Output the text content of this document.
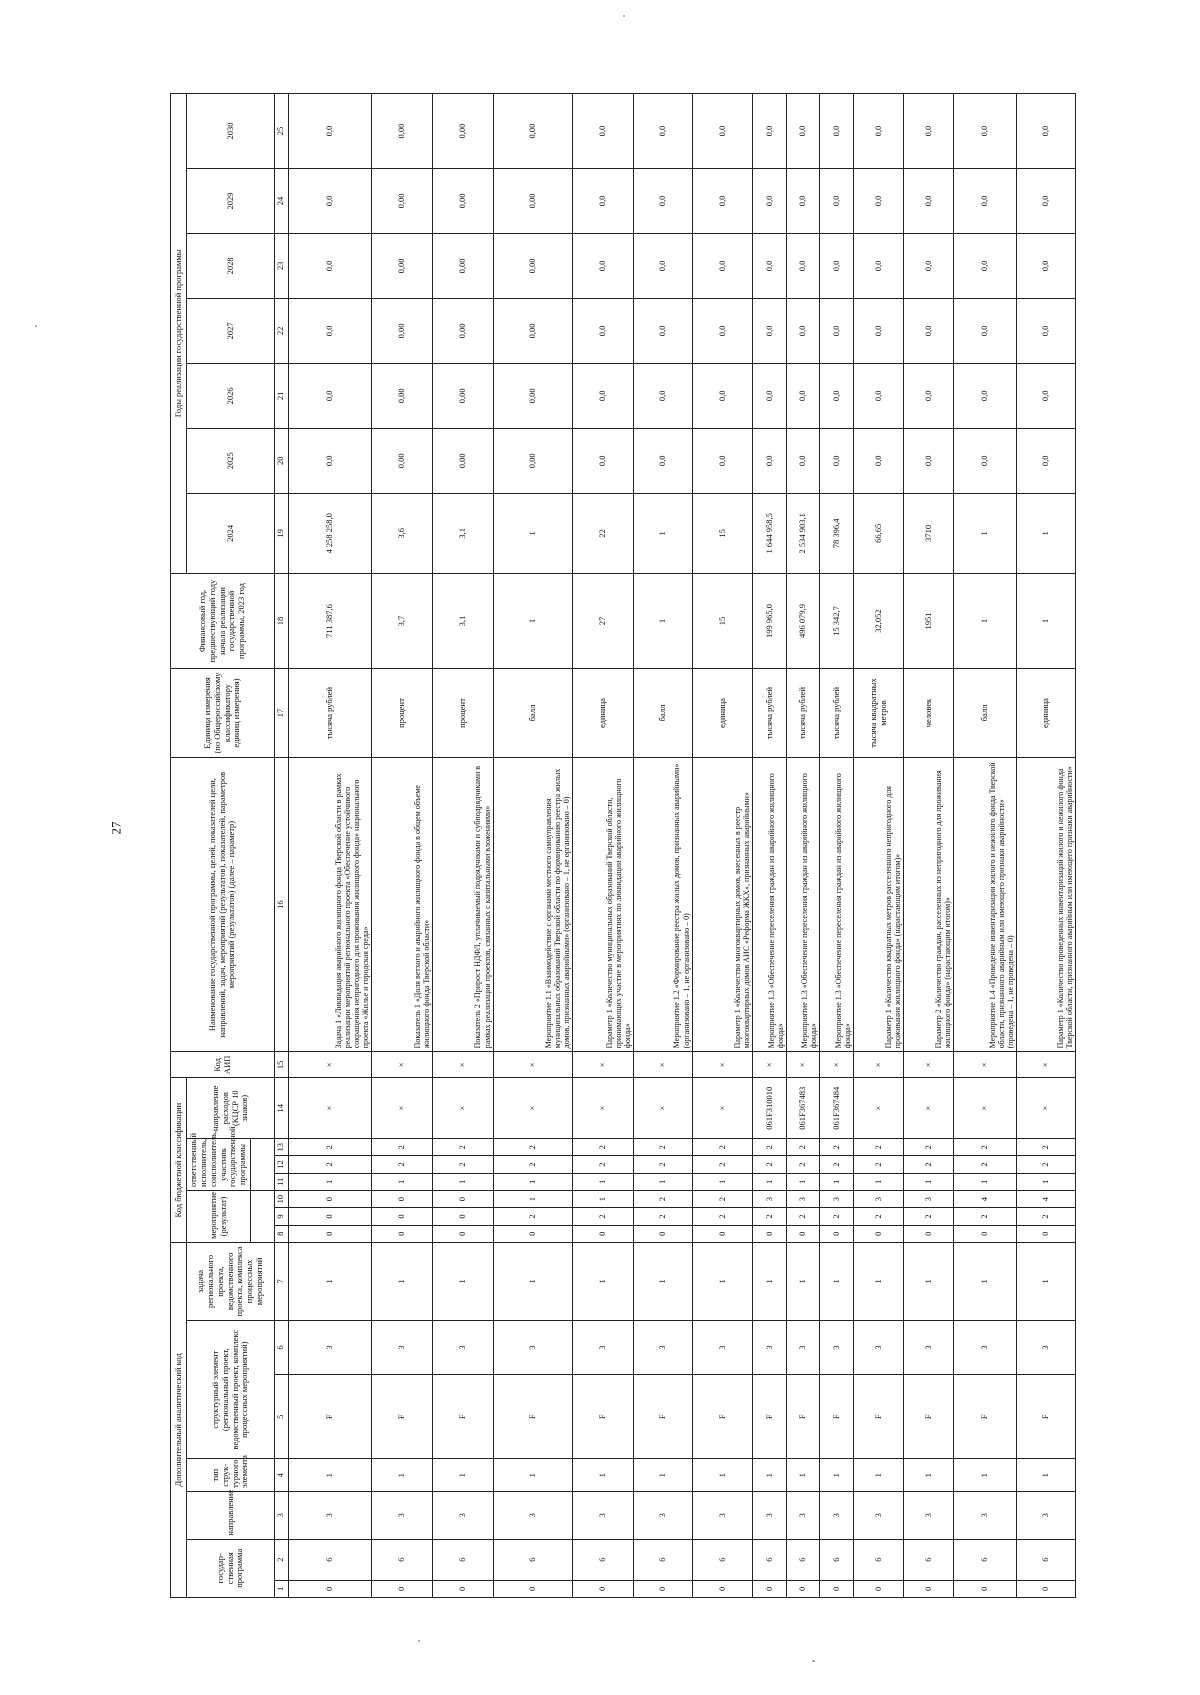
27
Дополнительный аналитический код							Код бюджетной классификации							Код АИП	Наименование государственной программы, целей, показателей цели, направлений, задач, мероприятий (результатов), показателей, параметров мероприятий (результатов) (далее – параметр)	Единица измерения (по Общероссийскому классификатору единиц измерения)	Финансовый год, предшествующий году начала реализации государственной программы, 2023 год	Годы реализации государственной программы						
государ-ственная программа		направление	тип струк-турного элемента	структурный элемент (региональный проект, ведомственный проект, комплекс процессных мероприятий)		задача регионального проекта, ведомственного проекта, комплекса процессных мероприятий	мероприятие (результат)			ответственный исполнитель, соисполнитель, участник государственной программы			направление расходов (КЦСР 10 знаков)					2024	2025	2026	2027	2028	2029	2030

1	2	3	4	5	6	7	8	9	10	11	12	13	14	15	16	17	18	19	20	21	22	23	24	25
0	6	3	1	F	3	1	0	0	0	1	2	2	×	×	Задача 1 «Ликвидация аварийного жилищного фонда Тверской области в рамках реализации мероприятий регионального проекта «Обеспечение устойчивого сокращения непригодного для проживания жилищного фонда» национального проекта «Жилье и городская среда»	тысяча рублей	711 387,6	4 258 258,0	0,0	0,0	0,0	0,0	0,0	0,0
0	6	3	1	F	3	1	0	0	0	1	2	2	×	×	Показатель 1 «Доля ветхого и аварийного жилищного фонда в общем объеме жилищного фонда Тверской области»	процент	3,7	3,6	0,00	0,00	0,00	0,00	0,00	0,00
0	6	3	1	F	3	1	0	0	0	1	2	2	×	×	Показатель 2 «Прирост НДФЛ, уплачиваемый подрядчиками и субподрядчиками в рамках реализации проектов, связанных с капитальными вложениями»	процент	3,1	3,1	0,00	0,00	0,00	0,00	0,00	0,00
0	6	3	1	F	3	1	0	2	1	1	2	2	×	×	Мероприятие 1.1 «Взаимодействие с органами местного самоуправления муниципальных образований Тверской области по формированию реестра жилых домов, признанных аварийными» (организовано – 1, не организовано – 0)	балл	1	1	0,00	0,00	0,00	0,00	0,00	0,00
0	6	3	1	F	3	1	0	2	1	1	2	2	×	×	Параметр 1 «Количество муниципальных образований Тверской области, принимающих участие в мероприятиях по ликвидации аварийного жилищного фонда»	единица	27	22	0,0	0,0	0,0	0,0	0,0	0,0
0	6	3	1	F	3	1	0	2	2	1	2	2	×	×	Мероприятие 1.2 «Формирование реестра жилых домов, признанных аварийными» (организовано – 1, не организовано – 0)	балл	1	1	0,0	0,0	0,0	0,0	0,0	0,0
0	6	3	1	F	3	1	0	2	2	1	2	2	×	×	Параметр 1 «Количество многоквартирных домов, внесенных в реестр многоквартирных домов АИС «Реформа ЖКХ», признанных аварийными»	единица	15	15	0,0	0,0	0,0	0,0	0,0	0,0
0	6	3	1	F	3	1	0	2	3	1	2	2	061F310010	×	Мероприятие 1.3 «Обеспечение переселения граждан из аварийного жилищного фонда»	тысяча рублей	199 965,0	1 644 958,5	0,0	0,0	0,0	0,0	0,0	0,0
0	6	3	1	F	3	1	0	2	3	1	2	2	061F367483	×	Мероприятие 1.3 «Обеспечение переселения граждан из аварийного жилищного фонда»	тысяча рублей	496 079,9	2 534 903,1	0,0	0,0	0,0	0,0	0,0	0,0
0	6	3	1	F	3	1	0	2	3	1	2	2	061F367484	×	Мероприятие 1.3 «Обеспечение переселения граждан из аварийного жилищного фонда»	тысяча рублей	15 342,7	78 396,4	0,0	0,0	0,0	0,0	0,0	0,0
0	6	3	1	F	3	1	0	2	3	1	2	2	×	×	Параметр 1 «Количество квадратных метров расселенного непригодного для проживания жилищного фонда» (нарастающим итогом)»	тысяча квадратных метров	32,052	66,65	0,0	0,0	0,0	0,0	0,0	0,0
0	6	3	1	F	3	1	0	2	3	1	2	2	×	×	Параметр 2 «Количество граждан, расселенных из непригодного для проживания жилищного фонда» (нарастающим итогом)»	человек	1951	3710	0,0	0,0	0,0	0,0	0,0	0,0
0	6	3	1	F	3	1	0	2	4	1	2	2	×	×	Мероприятие 1.4 «Проведение инвентаризации жилого и нежилого фонда Тверской области, признанного аварийным или имеющего признаки аварийности» (проведена – 1, не проведена – 0)	балл	1	1	0,0	0,0	0,0	0,0	0,0	0,0
0	6	3	1	F	3	1	0	2	4	1	2	2	×	×	Параметр 1 «Количество проведенных инвентаризаций жилого и нежилого фонда Тверской области, признанного аварийным или имеющего признаки аварийности»	единица	1	1	0,0	0,0	0,0	0,0	0,0	0,0
